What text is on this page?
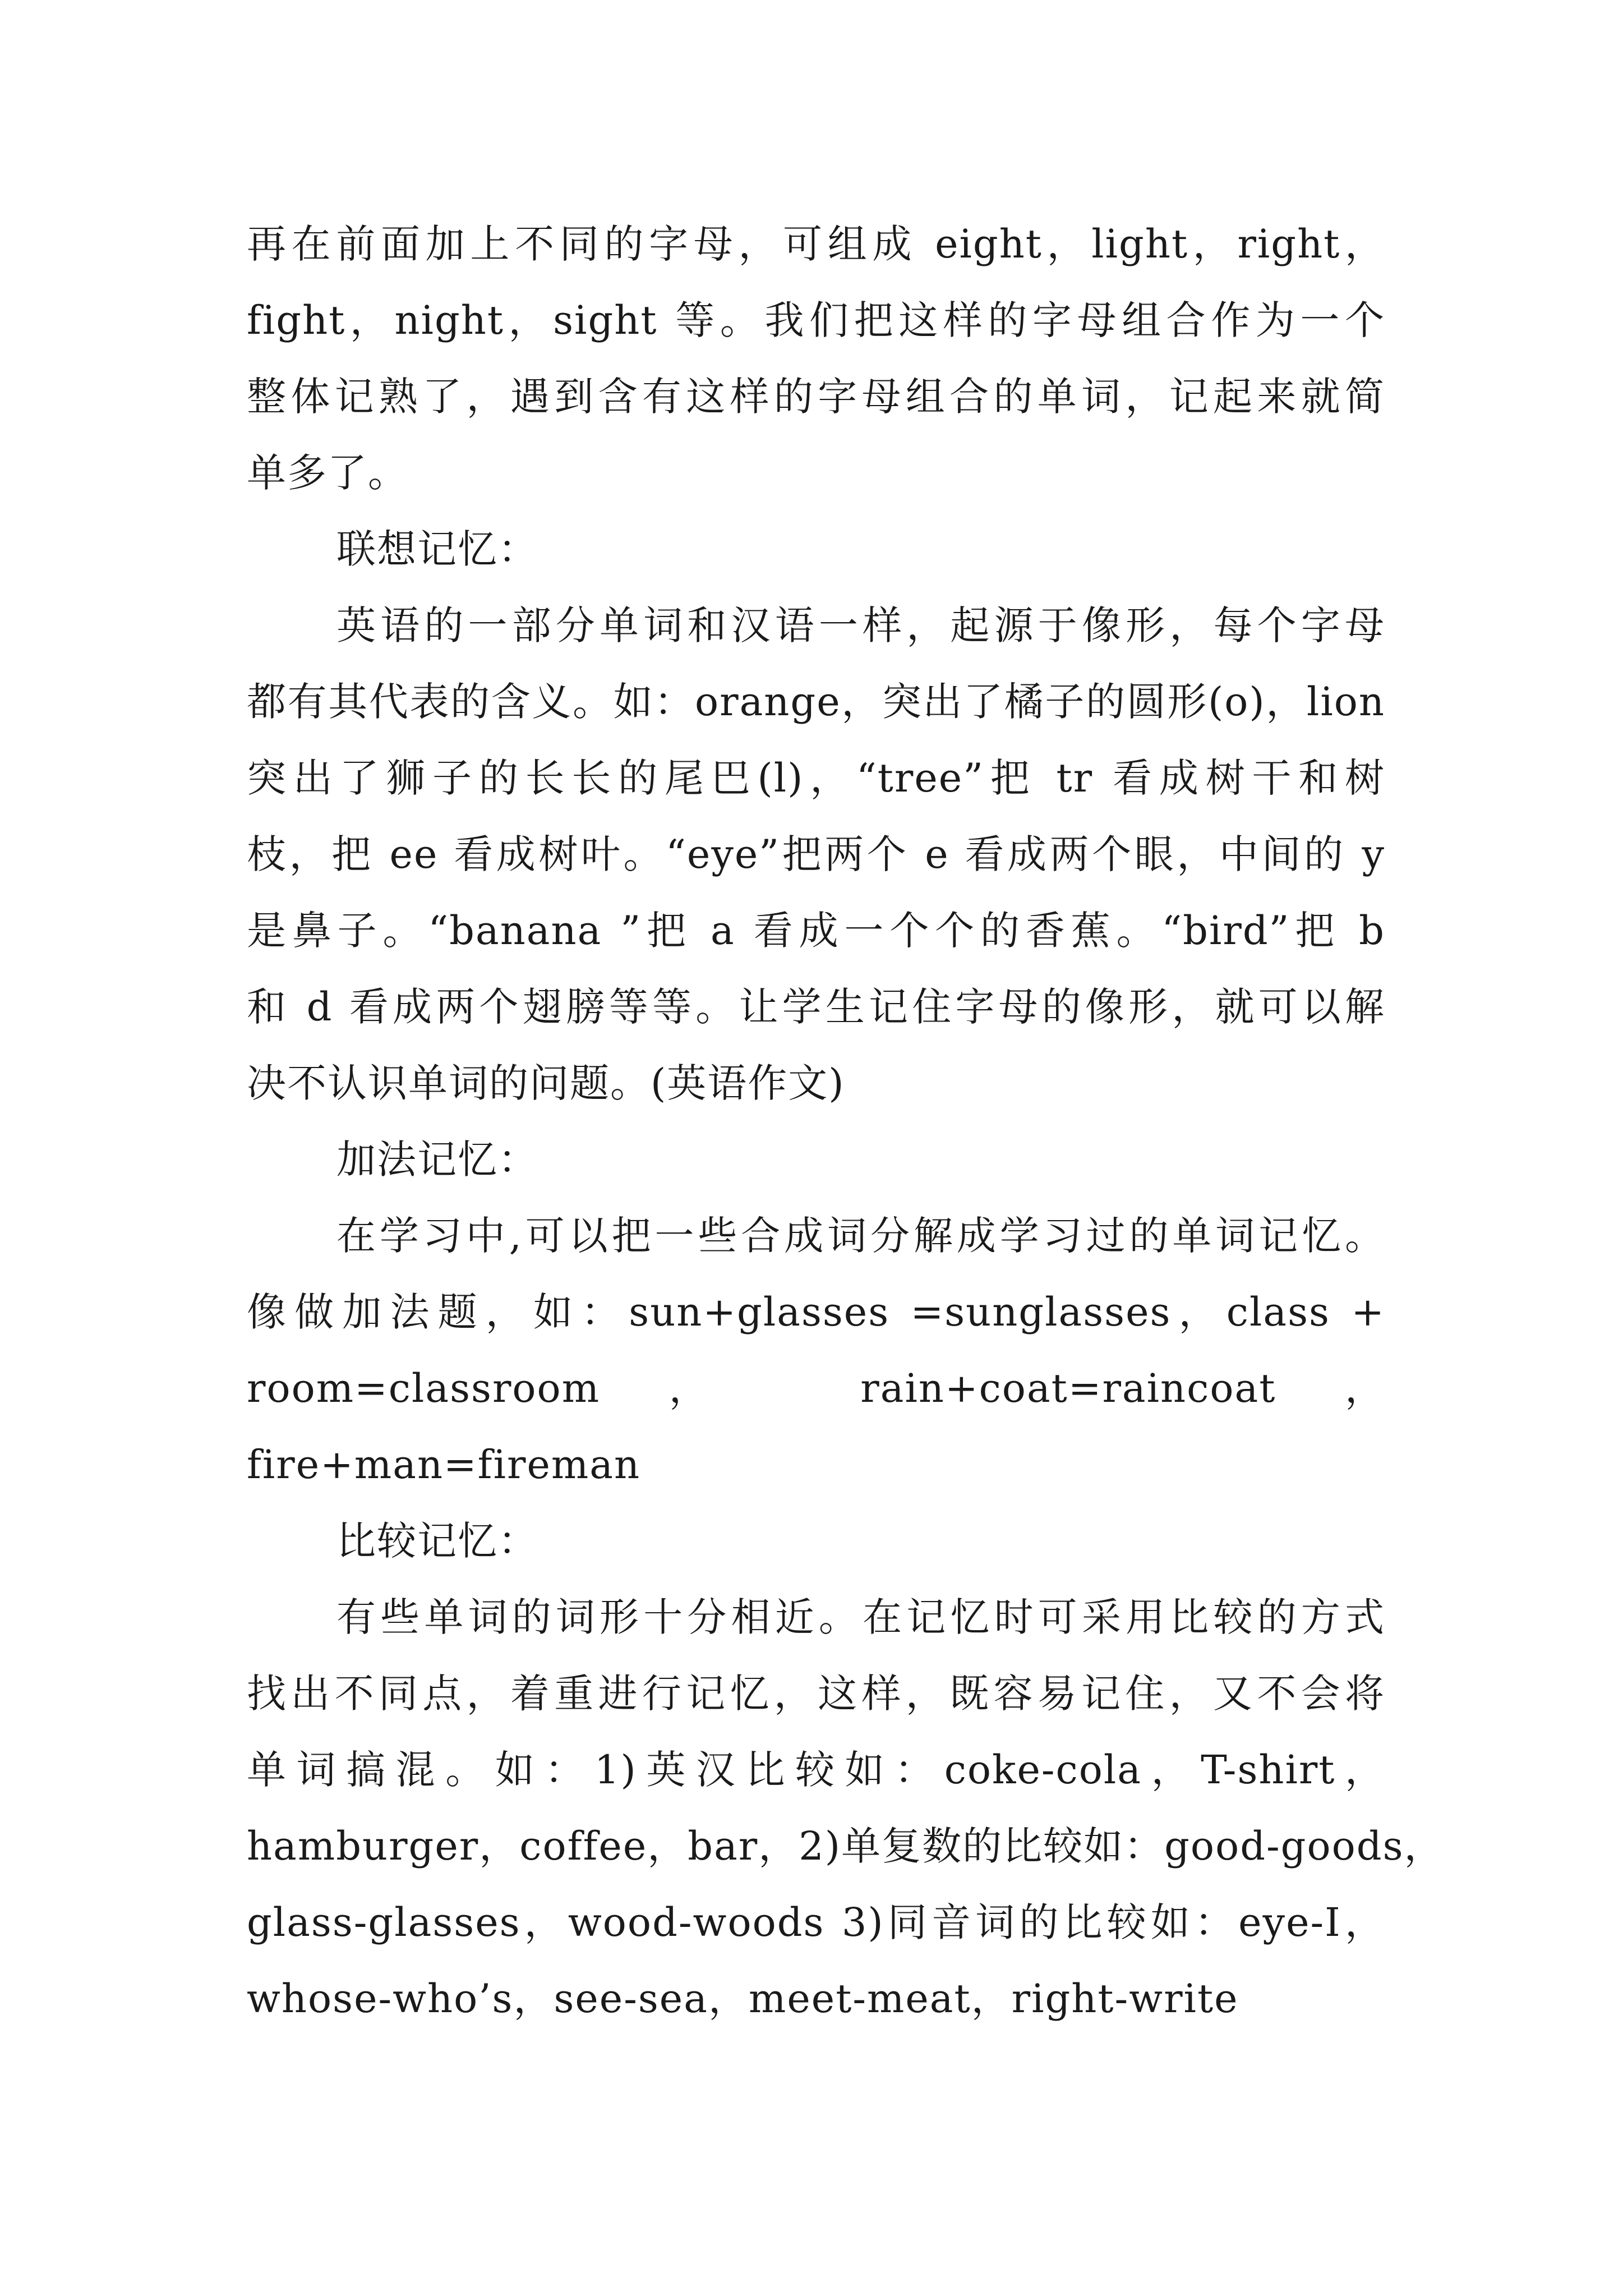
再在前面加上不同的字母，可组成 eight，light，right，
fight，night，sight 等。我们把这样的字母组合作为一个
整体记熟了，遇到含有这样的字母组合的单词，记起来就简
单多了。
联想记忆：
英语的一部分单词和汉语一样，起源于像形，每个字母
都有其代表的含义。如：orange，突出了橘子的圆形(o)，lion
突出了狮子的长长的尾巴(l)，“tree”把 tr 看成树干和树
枝，把 ee 看成树叶。“eye”把两个 e 看成两个眼，中间的 y
是鼻子。“banana ”把 a 看成一个个的香蕉。“bird”把 b
和 d 看成两个翅膀等等。让学生记住字母的像形，就可以解
决不认识单词的问题。(英语作文)
加法记忆：
在学习中,可以把一些合成词分解成学习过的单词记忆。
像做加法题，如：sun+glasses =sunglasses，class +
room=classroom， rain+coat=raincoat，
fire+man=fireman
比较记忆：
有些单词的词形十分相近。在记忆时可采用比较的方式
找出不同点，着重进行记忆，这样，既容易记住，又不会将
单词搞混。如：1)英汉比较如：coke-cola，T-shirt，
hamburger，coffee，bar，2)单复数的比较如：good-goods，
glass-glasses，wood-woods 3)同音词的比较如：eye-I，
whose-who’s，see-sea，meet-meat，right-write
